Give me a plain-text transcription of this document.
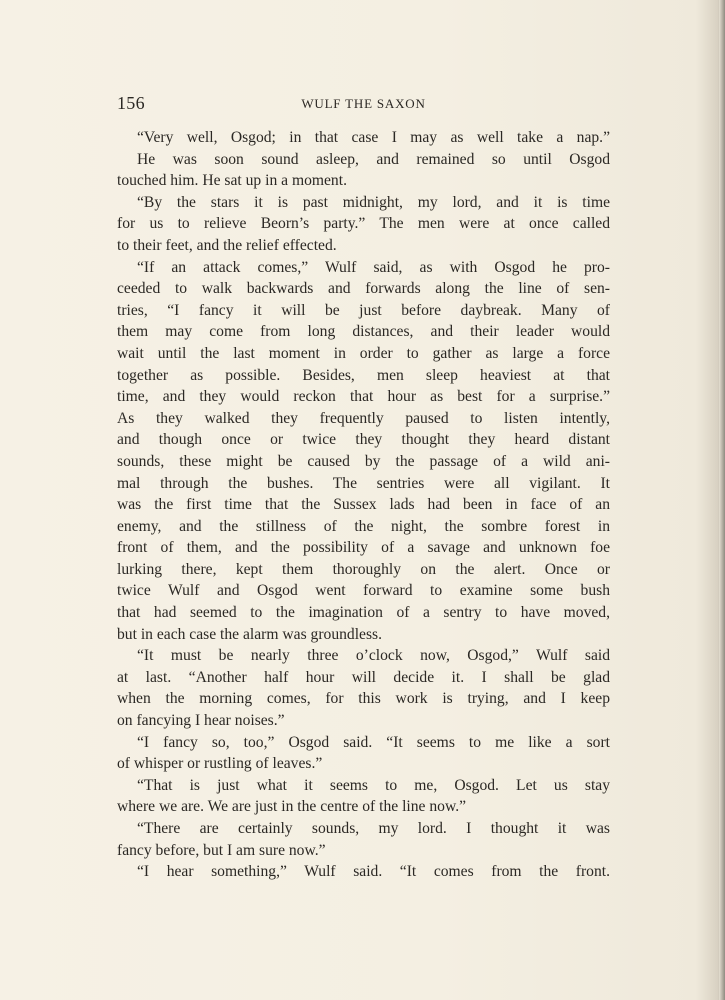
156	WULF THE SAXON
“Very well, Osgod; in that case I may as well take a nap.”
He was soon sound asleep, and remained so until Osgod
touched him. He sat up in a moment.
“By the stars it is past midnight, my lord, and it is time
for us to relieve Beorn’s party.” The men were at once called
to their feet, and the relief effected.
“If an attack comes,” Wulf said, as with Osgod he pro-
ceeded to walk backwards and forwards along the line of sen-
tries, “I fancy it will be just before daybreak. Many of
them may come from long distances, and their leader would
wait until the last moment in order to gather as large a force
together as possible. Besides, men sleep heaviest at that
time, and they would reckon that hour as best for a surprise.”
As they walked they frequently paused to listen intently,
and though once or twice they thought they heard distant
sounds, these might be caused by the passage of a wild ani-
mal through the bushes. The sentries were all vigilant. It
was the first time that the Sussex lads had been in face of an
enemy, and the stillness of the night, the sombre forest in
front of them, and the possibility of a savage and unknown foe
lurking there, kept them thoroughly on the alert. Once or
twice Wulf and Osgod went forward to examine some bush
that had seemed to the imagination of a sentry to have moved,
but in each case the alarm was groundless.
“It must be nearly three o’clock now, Osgod,” Wulf said
at last. “Another half hour will decide it. I shall be glad
when the morning comes, for this work is trying, and I keep
on fancying I hear noises.”
“I fancy so, too,” Osgod said. “It seems to me like a sort
of whisper or rustling of leaves.”
“That is just what it seems to me, Osgod. Let us stay
where we are. We are just in the centre of the line now.”
“There are certainly sounds, my lord. I thought it was
fancy before, but I am sure now.”
“I hear something,” Wulf said. “It comes from the front.
